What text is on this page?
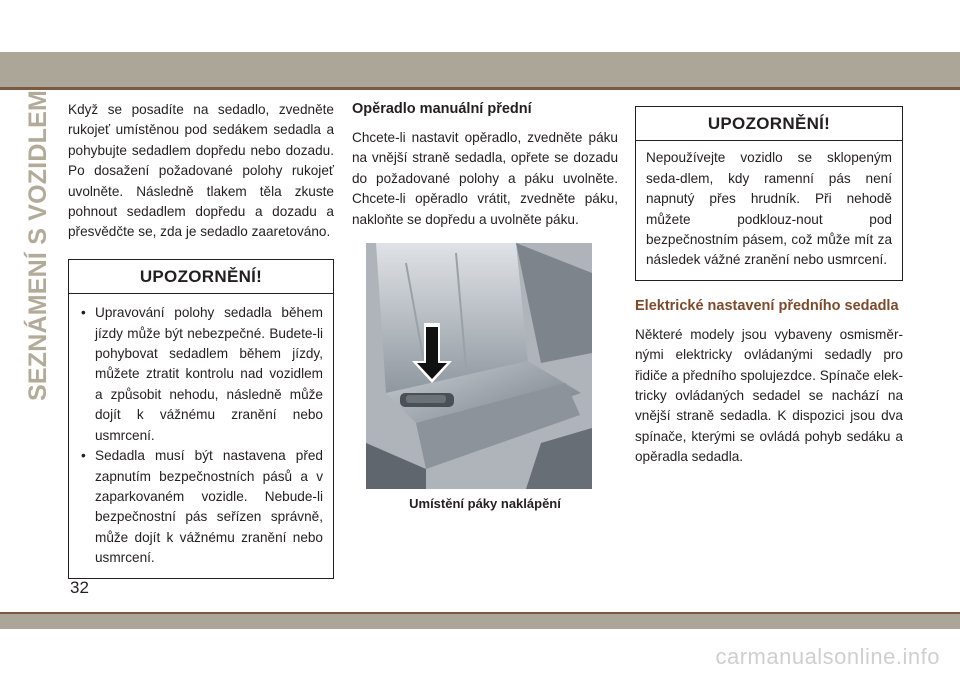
SEZNÁMENÍ S VOZIDLEM Když se posadíte na sedadlo, zvedněte rukojeť umístěnou pod sedákem sedadla a pohybujte sedadlem dopředu nebo dozadu. Po dosažení požadované polohy rukojeť uvolněte. Následně tlakem těla zkuste pohnout sedadlem dopředu a dozadu a přesvědčte se, zda je sedadlo zaaretováno.

UPOZORNĚNÍ!
• Upravování polohy sedadla během jízdy může být nebezpečné. Budete-li pohybovat sedadlem během jízdy, můžete ztratit kontrolu nad vozidlem a způsobit nehodu, následně může dojít k vážnému zranění nebo usmrcení.
• Sedadla musí být nastavena před zapnutím bezpečnostních pásů a v zaparkovaném vozidle. Nebude-li bezpečnostní pás seřízen správně, může dojít k vážnému zranění nebo usmrcení.
Opěradlo manuální přední

Chcete-li nastavit opěradlo, zvedněte páku na vnější straně sedadla, opřete se dozadu do požadované polohy a páku uvolněte. Chcete-li opěradlo vrátit, zvedněte páku, nakloňte se dopředu a uvolněte páku.

Umístění páky naklápění
UPOZORNĚNÍ!

Nepoužívejte vozidlo se sklopeným seda-dlem, kdy ramenní pás není napnutý přes hrudník. Při nehodě můžete podklouz-nout pod bezpečnostním pásem, což může mít za následek vážné zranění nebo usmrcení.

Elektrické nastavení předního sedadla

Některé modely jsou vybaveny osmisměr-nými elektricky ovládanými sedadly pro řidiče a předního spolujezdce. Spínače elek-tricky ovládaných sedadel se nachází na vnější straně sedadla. K dispozici jsou dva spínače, kterými se ovládá pohyb sedáku a opěradla sedadla.

32
carmanualsonline.info
